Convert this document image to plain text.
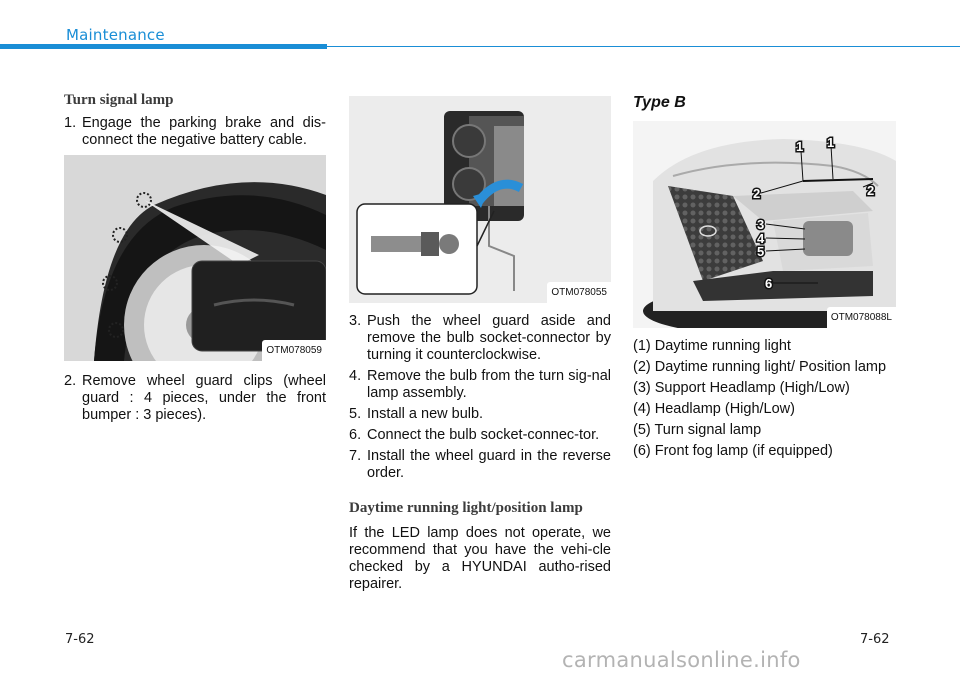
Maintenance
Turn signal lamp
1. Engage the parking brake and dis-connect the negative battery cable.
OTM078059
2. Remove wheel guard clips (wheel guard : 4 pieces, under the front bumper : 3 pieces).
OTM078055
3. Push the wheel guard aside and remove the bulb socket-connector by turning it counterclockwise.
4. Remove the bulb from the turn sig-nal lamp assembly.
5. Install a new bulb.
6. Connect the bulb socket-connec-tor.
7. Install the wheel guard in the reverse order.
Daytime running light/position lamp
If the LED lamp does not operate, we recommend that you have the vehi-cle checked by a HYUNDAI autho-rised repairer.
Type B
1 1
2	2
3
4
5
6
OTM078088L
(1) Daytime running light
(2) Daytime running light/ Position lamp
(3) Support Headlamp (High/Low)
(4) Headlamp (High/Low)
(5) Turn signal lamp
(6) Front fog lamp (if equipped)
7-62	7-62
carmanualsonline.info
